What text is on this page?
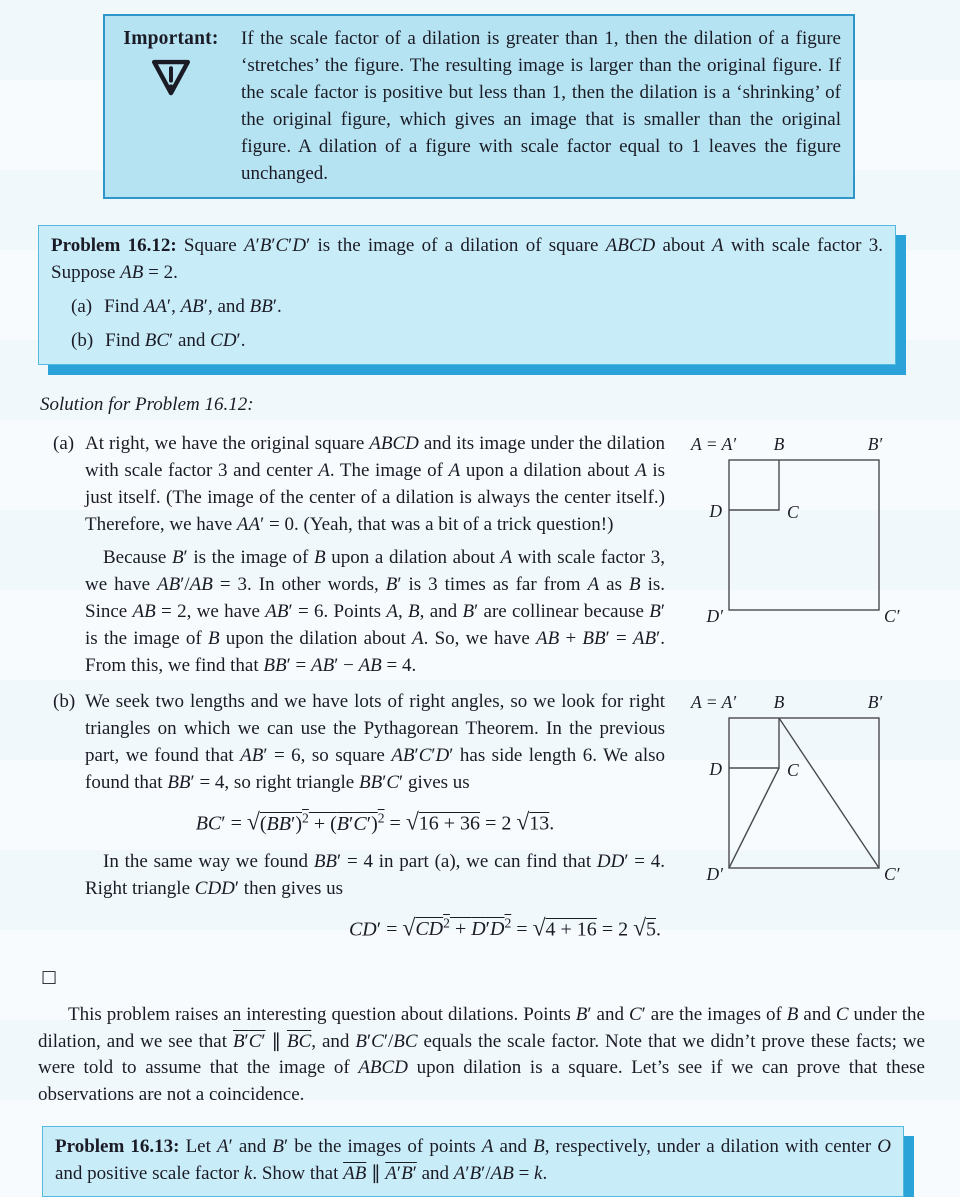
Important: If the scale factor of a dilation is greater than 1, then the dilation of a figure ‘stretches’ the figure. The resulting image is larger than the original figure. If the scale factor is positive but less than 1, then the dilation is a ‘shrinking’ of the original figure, which gives an image that is smaller than the original figure. A dilation of a figure with scale factor equal to 1 leaves the figure unchanged.
Problem 16.12: Square A′B′C′D′ is the image of a dilation of square ABCD about A with scale factor 3. Suppose AB = 2.
(a) Find AA′, AB′, and BB′.
(b) Find BC′ and CD′.
Solution for Problem 16.12:
(a)	A = A′ B	B′
D	C
D′	C′

At right, we have the original square ABCD and its image under the dilation with scale factor 3 and center A. The image of A upon a dilation about A is just itself. (The image of the center of a dilation is always the center itself.) Therefore, we have AA′ = 0. (Yeah, that was a bit of a trick question!)

Because B′ is the image of B upon a dilation about A with scale factor 3, we have AB′/AB = 3. In other words, B′ is 3 times as far from A as B is. Since AB = 2, we have AB′ = 6. Points A, B, and B′ are collinear because B′ is the image of B upon the dilation about A. So, we have AB + BB′ = AB′. From this, we find that BB′ = AB′ − AB = 4.

(b)	A = A′ B	B′
D	C
D′	C′

We seek two lengths and we have lots of right angles, so we look for right triangles on which we can use the Pythagorean Theorem. In the previous part, we found that AB′ = 6, so square AB′C′D′ has side length 6. We also found that BB′ = 4, so right triangle BB′C′ gives us

$BC' = √(BB')^2 + (B'C')^2 = √16 + 36 = 2$ √13.

In the same way we found BB′ = 4 in part (a), we can find that DD′ = 4. Right triangle CDD′ then gives us

$CD' = √CD^2 + D'D^2 = √4 + 16 = 2$ √5.
□

This problem raises an interesting question about dilations. Points B′ and C′ are the images of B and C under the dilation, and we see that B′C′ ∥ $\overline{BC}$, and B′C′/BC equals the scale factor. Note that we didn’t prove these facts; we were told to assume that the image of ABCD upon dilation is a square. Let’s see if we can prove that these observations are not a coincidence.

Problem 16.13: Let A′ and B′ be the images of points A and B, respectively, under a dilation with center O and positive scale factor k. Show that $\overline{AB}$ ∥ A′B′ and A′B′/AB = k.
